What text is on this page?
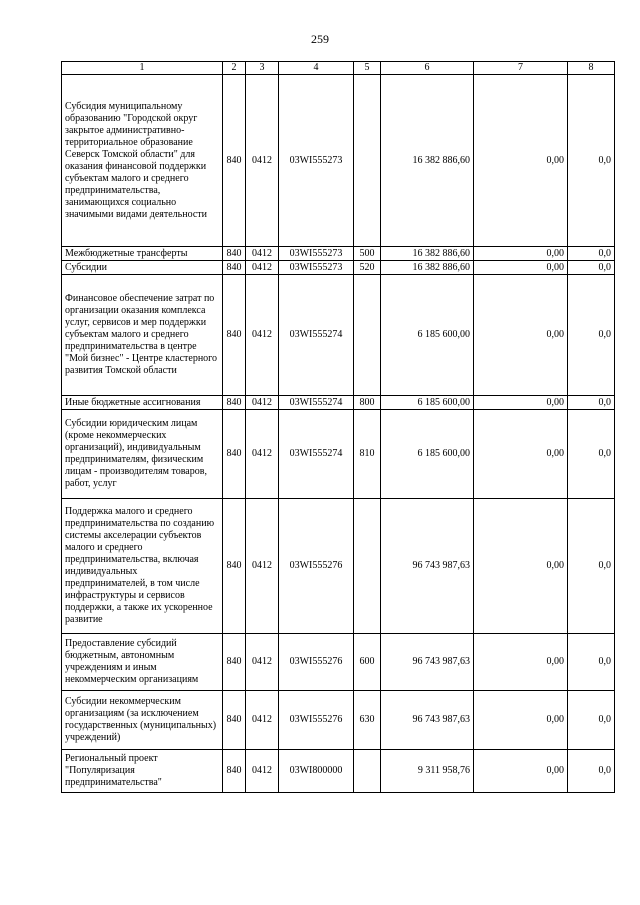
259
1	2	3	4	5	6	7	8
Субсидия муниципальному образованию "Городской округ закрытое административно-территориальное образование Северск Томской области" для оказания финансовой поддержки субъектам малого и среднего предпринимательства, занимающихся социально значимыми видами деятельности	840	0412	03WI555273		16 382 886,60	0,00	0,0
Межбюджетные трансферты	840	0412	03WI555273	500	16 382 886,60	0,00	0,0
Субсидии	840	0412	03WI555273	520	16 382 886,60	0,00	0,0
Финансовое обеспечение затрат по организации оказания комплекса услуг, сервисов и мер поддержки субъектам малого и среднего предпринимательства в центре "Мой бизнес" - Центре кластерного развития Томской области	840	0412	03WI555274		6 185 600,00	0,00	0,0
Иные бюджетные ассигнования	840	0412	03WI555274	800	6 185 600,00	0,00	0,0
Субсидии юридическим лицам (кроме некоммерческих организаций), индивидуальным предпринимателям, физическим лицам - производителям товаров, работ, услуг	840	0412	03WI555274	810	6 185 600,00	0,00	0,0
Поддержка малого и среднего предпринимательства по созданию системы акселерации субъектов малого и среднего предпринимательства, включая индивидуальных предпринимателей, в том числе инфраструктуры и сервисов поддержки, а также их ускоренное развитие	840	0412	03WI555276		96 743 987,63	0,00	0,0
Предоставление субсидий бюджетным, автономным учреждениям и иным некоммерческим организациям	840	0412	03WI555276	600	96 743 987,63	0,00	0,0
Субсидии некоммерческим организациям (за исключением государственных (муниципальных) учреждений)	840	0412	03WI555276	630	96 743 987,63	0,00	0,0
Региональный проект "Популяризация предпринимательства"	840	0412	03WI800000		9 311 958,76	0,00	0,0
